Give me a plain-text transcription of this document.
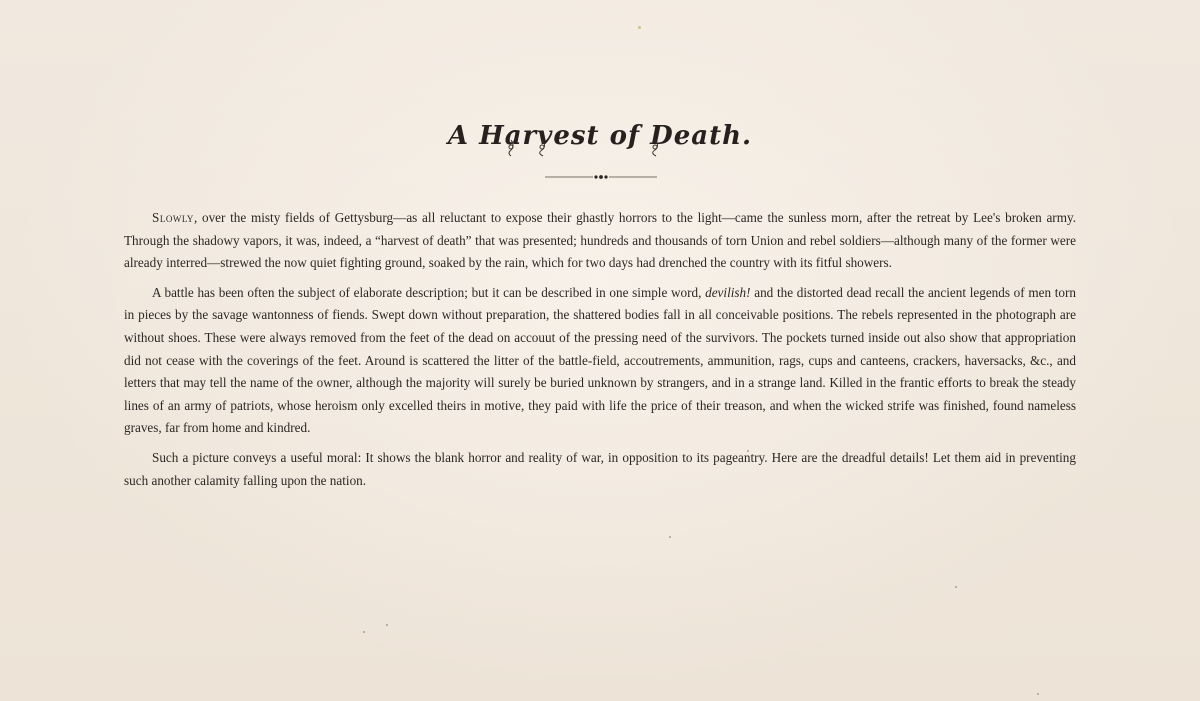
A Harvest of Death.

Slowly, over the misty fields of Gettysburg—as all reluctant to expose their ghastly horrors to the light—came the sunless morn, after the retreat by Lee's broken army. Through the shadowy vapors, it was, indeed, a “harvest of death” that was presented; hundreds and thousands of torn Union and rebel soldiers—although many of the former were already interred—strewed the now quiet fighting ground, soaked by the rain, which for two days had drenched the country with its fitful showers.

A battle has been often the subject of elaborate description; but it can be described in one simple word, devilish! and the distorted dead recall the ancient legends of men torn in pieces by the savage wantonness of fiends. Swept down without preparation, the shattered bodies fall in all conceivable positions. The rebels represented in the photograph are without shoes. These were always removed from the feet of the dead on accouut of the pressing need of the survivors. The pockets turned inside out also show that appropriation did not cease with the coverings of the feet. Around is scattered the litter of the battle-field, accoutrements, ammunition, rags, cups and canteens, crackers, haversacks, &c., and letters that may tell the name of the owner, although the majority will surely be buried unknown by strangers, and in a strange land. Killed in the frantic efforts to break the steady lines of an army of patriots, whose heroism only excelled theirs in motive, they paid with life the price of their treason, and when the wicked strife was finished, found nameless graves, far from home and kindred.

Such a picture conveys a useful moral: It shows the blank horror and reality of war, in opposition to its pageantry. Here are the dreadful details! Let them aid in preventing such another calamity falling upon the nation.
